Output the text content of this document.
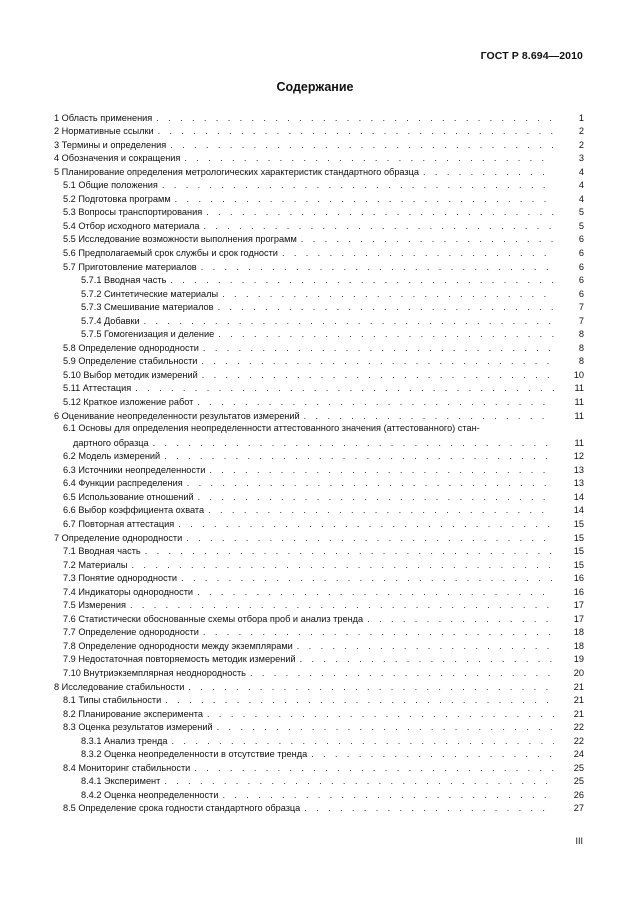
ГОСТ Р 8.694—2010
Содержание
1 Область применения . . .	1
2 Нормативные ссылки . . .	2
3 Термины и определения . . .	2
4 Обозначения и сокращения . . .	3
5 Планирование определения метрологических характеристик стандартного образца . . .	4
5.1 Общие положения . . .	4
5.2 Подготовка программ . . .	4
5.3 Вопросы транспортирования . . .	5
5.4 Отбор исходного материала . . .	5
5.5 Исследование возможности выполнения программ . . .	6
5.6 Предполагаемый срок службы и срок годности . . .	6
5.7 Приготовление материалов . . .	6
5.7.1 Вводная часть . . .	6
5.7.2 Синтетические материалы . . .	6
5.7.3 Смешивание материалов . . .	7
5.7.4 Добавки . . .	7
5.7.5 Гомогенизация и деление . . .	8
5.8 Определение однородности . . .	8
5.9 Определение стабильности . . .	8
5.10 Выбор методик измерений . . .	10
5.11 Аттестация . . .	11
5.12 Краткое изложение работ . . .	11
6 Оценивание неопределенности результатов измерений . . .	11
6.1 Основы для определения неопределенности аттестованного значения (аттестованного) стан-
дартного образца . . .	11
6.2 Модель измерений . . .	12
6.3 Источники неопределенности . . .	13
6.4 Функции распределения . . .	13
6.5 Использование отношений . . .	14
6.6 Выбор коэффициента охвата . . .	14
6.7 Повторная аттестация . . .	15
7 Определение однородности . . .	15
7.1 Вводная часть . . .	15
7.2 Материалы . . .	15
7.3 Понятие однородности . . .	16
7.4 Индикаторы однородности . . .	16
7.5 Измерения . . .	17
7.6 Статистически обоснованные схемы отбора проб и анализ тренда . . .	17
7.7 Определение однородности . . .	18
7.8 Определение однородности между экземплярами . . .	18
7.9 Недостаточная повторяемость методик измерений . . .	19
7.10 Внутриэкземплярная неоднородность . . .	20
8 Исследование стабильности . . .	21
8.1 Типы стабильности . . .	21
8.2 Планирование эксперимента . . .	21
8.3 Оценка результатов измерений . . .	22
8.3.1 Анализ тренда . . .	22
8.3.2 Оценка неопределенности в отсутствие тренда . . .	24
8.4 Мониторинг стабильности . . .	25
8.4.1 Эксперимент . . .	25
8.4.2 Оценка неопределенности . . .	26
8.5 Определение срока годности стандартного образца . . .	27
III
